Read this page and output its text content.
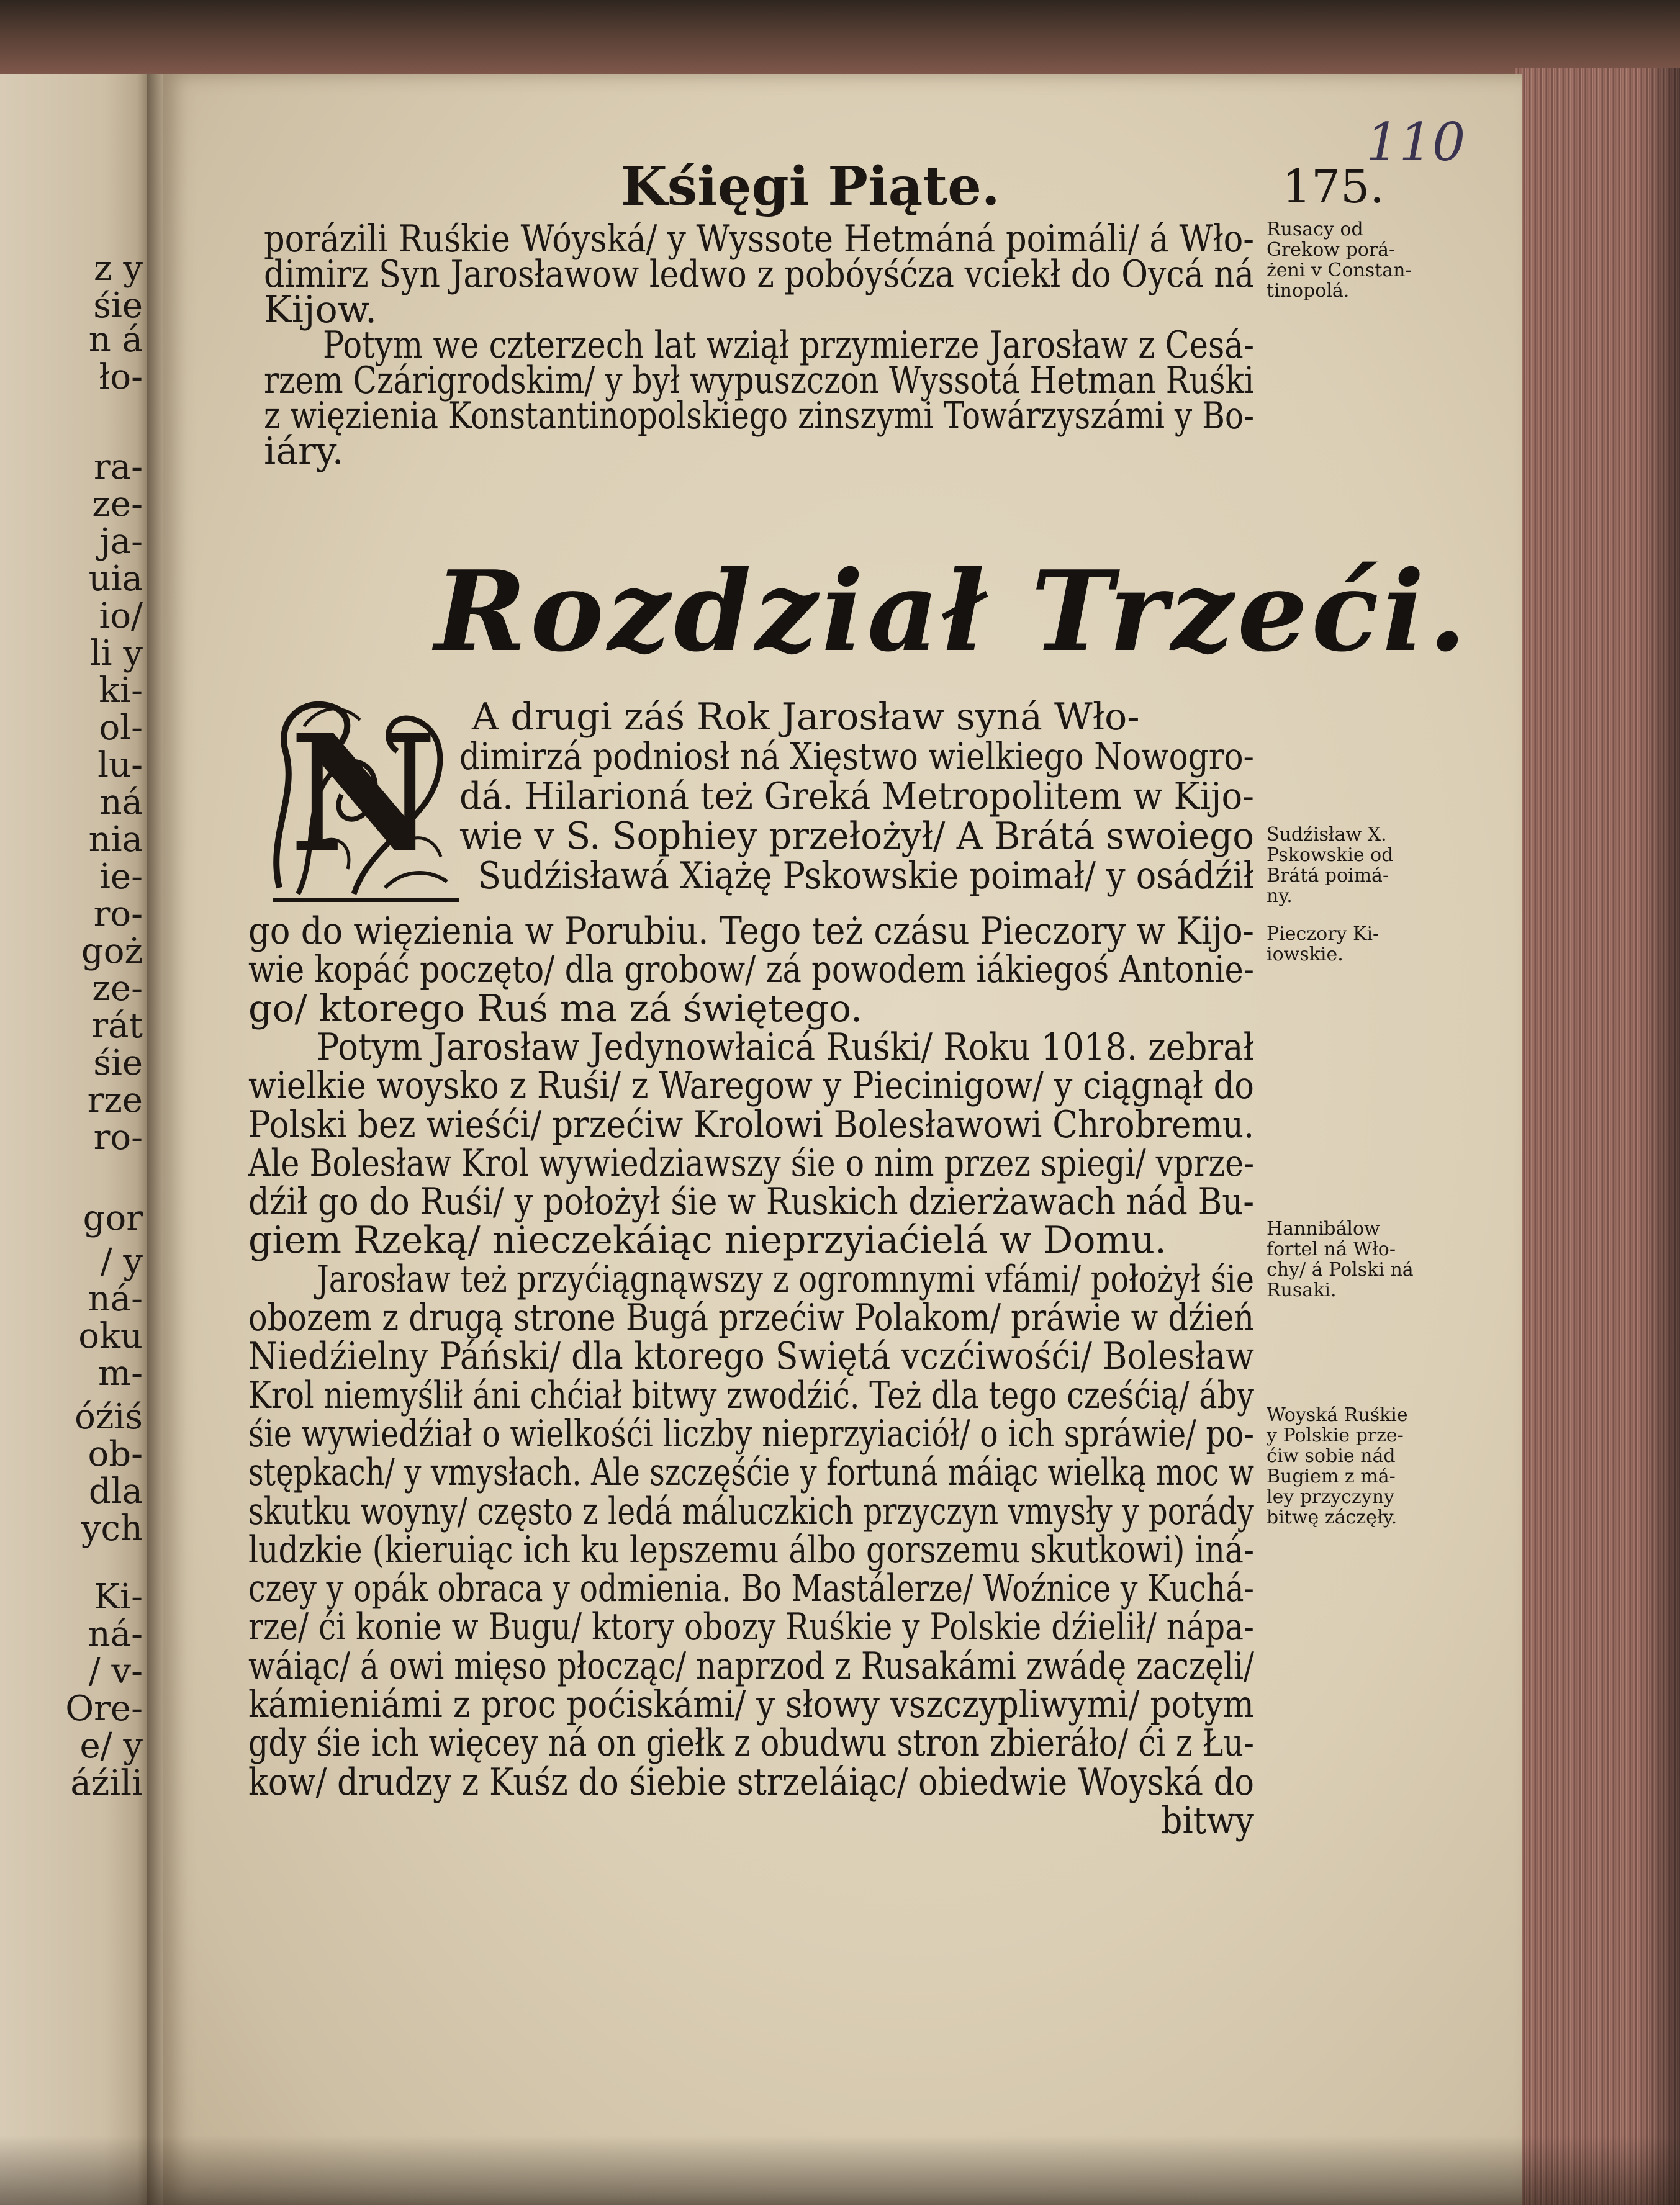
z y
śie
n á
ło-
ra-
ze-
ja-
uia
io/
li y
ki-
ol-
lu-
ná
nia
ie-
ro-
goż
ze-
rát
śie
rze
ro-
gor
/ y
ná-
oku
m-
óźiś
ob-
dla
ych
Ki-
ná-
/ v-
Ore-
e/ y
áźili
110
Kśięgi Piąte.	175.
porázili Ruśkie Wóyská/ y Wyssote Hetmáná poimáli/ á Wło-
dimirz Syn Jarosławow ledwo z pobóyśćza vciekł do Oycá ná
Kijow.
Potym we czterzech lat wziął przymierze Jarosław z Cesá-
rzem Czárigrodskim/ y był wypuszczon Wyssotá Hetman Ruśki
z więzienia Konstantinopolskiego zinszymi Towárzyszámi y Bo-
iáry.
Rozdział Trzeći.
N A drugi záś Rok Jarosław syná Wło-
dimirzá podniosł ná Xięstwo wielkiego Nowogro-
dá. Hilarioná też Greká Metropolitem w Kijo-
wie v S. Sophiey przełożył/ A Brátá swoiego
Sudźisławá Xiążę Pskowskie poimał/ y osádźił
go do więzienia w Porubiu. Tego też czásu Pieczory w Kijo-
wie kopáć poczęto/ dla grobow/ zá powodem iákiegoś Antonie-
go/ ktorego Ruś ma zá świętego.
Potym Jarosław Jedynowłaicá Ruśki/ Roku 1018. zebrał
wielkie woysko z Ruśi/ z Waregow y Piecinigow/ y ciągnął do
Polski bez wieśći/ przećiw Krolowi Bolesławowi Chrobremu.
Ale Bolesław Krol wywiedziawszy śie o nim przez spiegi/ vprze-
dźił go do Ruśi/ y położył śie w Ruskich dzierżawach nád Bu-
giem Rzeką/ nieczekáiąc nieprzyiaćielá w Domu.
Jarosław też przyćiągnąwszy z ogromnymi vfámi/ położył śie
obozem z drugą strone Bugá przećiw Polakom/ práwie w dźień
Niedźielny Páński/ dla ktorego Swiętá vczćiwośći/ Bolesław
Krol niemyślił áni chćiał bitwy zwodźić. Też dla tego cześćią/ áby
śie wywiedźiał o wielkośći liczby nieprzyiaciół/ o ich spráwie/ po-
stępkach/ y vmysłach. Ale szczęśćie y fortuná máiąc wielką moc w
skutku woyny/ często z ledá máluczkich przyczyn vmysły y porády
ludzkie (kieruiąc ich ku lepszemu álbo gorszemu skutkowi) iná-
czey y opák obraca y odmienia. Bo Mastálerze/ Woźnice y Kuchá-
rze/ ći konie w Bugu/ ktory obozy Ruśkie y Polskie dźielił/ nápa-
wáiąc/ á owi mięso płocząc/ naprzod z Rusakámi zwádę zaczęli/
kámieniámi z proc poćiskámi/ y słowy vszczypliwymi/ potym
gdy śie ich więcey ná on giełk z obudwu stron zbieráło/ ći z Łu-
kow/ drudzy z Kuśz do śiebie strzeláiąc/ obiedwie Woyská do
bitwy
Rusacy od
Grekow porá-
żeni v Constan-
tinopolá.
Sudźisław X.
Pskowskie od
Brátá poimá-
ny.
Pieczory Ki-
iowskie.
Hannibálow
fortel ná Wło-
chy/ á Polski ná
Rusaki.
Woyská Ruśkie
y Polskie prze-
ćiw sobie nád
Bugiem z má-
ley przyczyny
bitwę záczęły.
